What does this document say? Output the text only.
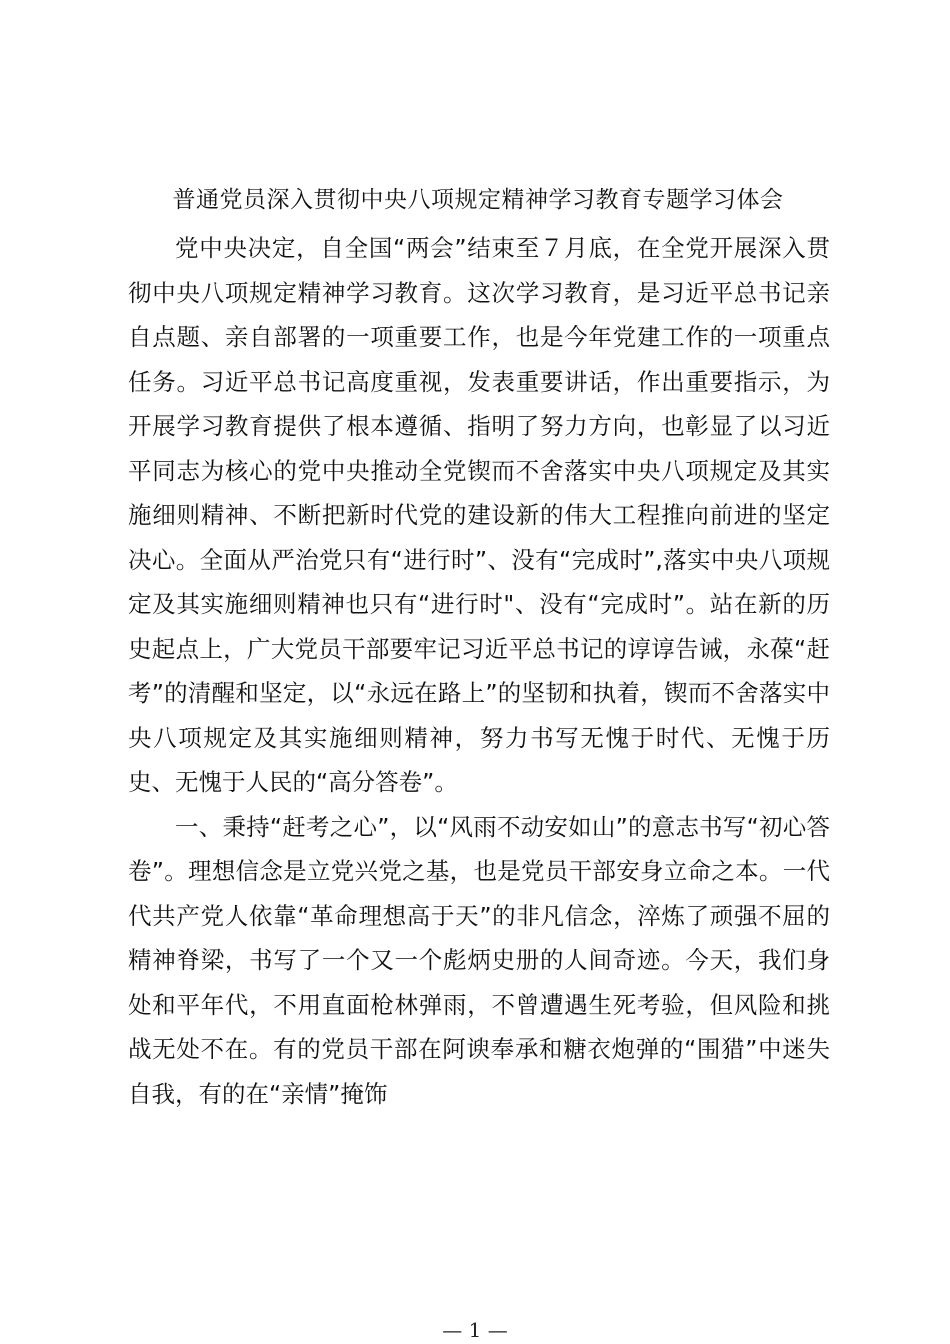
普通党员深入贯彻中央八项规定精神学习教育专题学习体会

党中央决定，自全国“两会”结束至７月底，在全党开展深入贯彻中央八项规定精神学习教育。这次学习教育，是习近平总书记亲自点题、亲自部署的一项重要工作，也是今年党建工作的一项重点任务。习近平总书记高度重视，发表重要讲话，作出重要指示，为开展学习教育提供了根本遵循、指明了努力方向，也彰显了以习近平同志为核心的党中央推动全党锲而不舍落实中央八项规定及其实施细则精神、不断把新时代党的建设新的伟大工程推向前进的坚定决心。全面从严治党只有“进行时”、没有“完成时”,落实中央八项规定及其实施细则精神也只有“进行时"、没有“完成时”。站在新的历史起点上，广大党员干部要牢记习近平总书记的谆谆告诫，永葆“赶考”的清醒和坚定，以“永远在路上”的坚韧和执着，锲而不舍落实中央八项规定及其实施细则精神，努力书写无愧于时代、无愧于历史、无愧于人民的“高分答卷”。

一、秉持“赶考之心”，以“风雨不动安如山”的意志书写“初心答卷”。理想信念是立党兴党之基，也是党员干部安身立命之本。一代代共产党人依靠“革命理想高于天”的非凡信念，淬炼了顽强不屈的精神脊梁，书写了一个又一个彪炳史册的人间奇迹。今天，我们身处和平年代，不用直面枪林弹雨，不曾遭遇生死考验，但风险和挑战无处不在。有的党员干部在阿谀奉承和糖衣炮弹的“围猎”中迷失自我，有的在“亲情”掩饰

— 1 —
